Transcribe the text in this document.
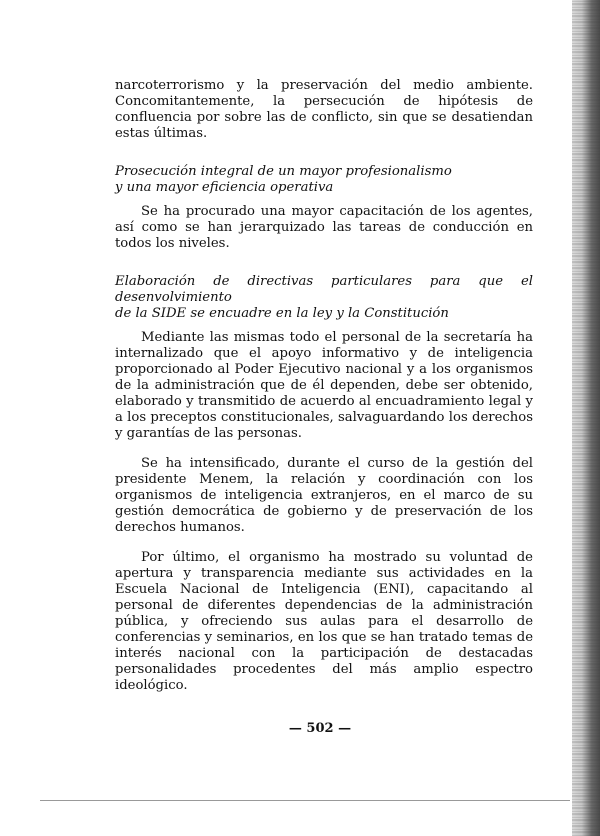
narcoterrorismo y la preservación del medio ambiente. Concomitantemente, la persecución de hipótesis de confluencia por sobre las de conflicto, sin que se desatiendan estas últimas.

Prosecución integral de un mayor profesionalismo

y una mayor eficiencia operativa

Se ha procurado una mayor capacitación de los agentes, así como se han jerarquizado las tareas de conducción en todos los niveles.

Elaboración de directivas particulares para que el desenvolvimiento

de la SIDE se encuadre en la ley y la Constitución

Mediante las mismas todo el personal de la secretaría ha internalizado que el apoyo informativo y de inteligencia proporcionado al Poder Ejecutivo nacional y a los organismos de la administración que de él dependen, debe ser obtenido, elaborado y transmitido de acuerdo al encuadramiento legal y a los preceptos constitucionales, salvaguardando los derechos y garantías de las personas.

Se ha intensificado, durante el curso de la gestión del presidente Menem, la relación y coordinación con los organismos de inteligencia extranjeros, en el marco de su gestión democrática de gobierno y de preservación de los derechos humanos.

Por último, el organismo ha mostrado su voluntad de apertura y transparencia mediante sus actividades en la Escuela Nacional de Inteligencia (ENI), capacitando al personal de diferentes dependencias de la administración pública, y ofreciendo sus aulas para el desarrollo de conferencias y seminarios, en los que se han tratado temas de interés nacional con la participación de destacadas personalidades procedentes del más amplio espectro ideológico.

— 502 —
